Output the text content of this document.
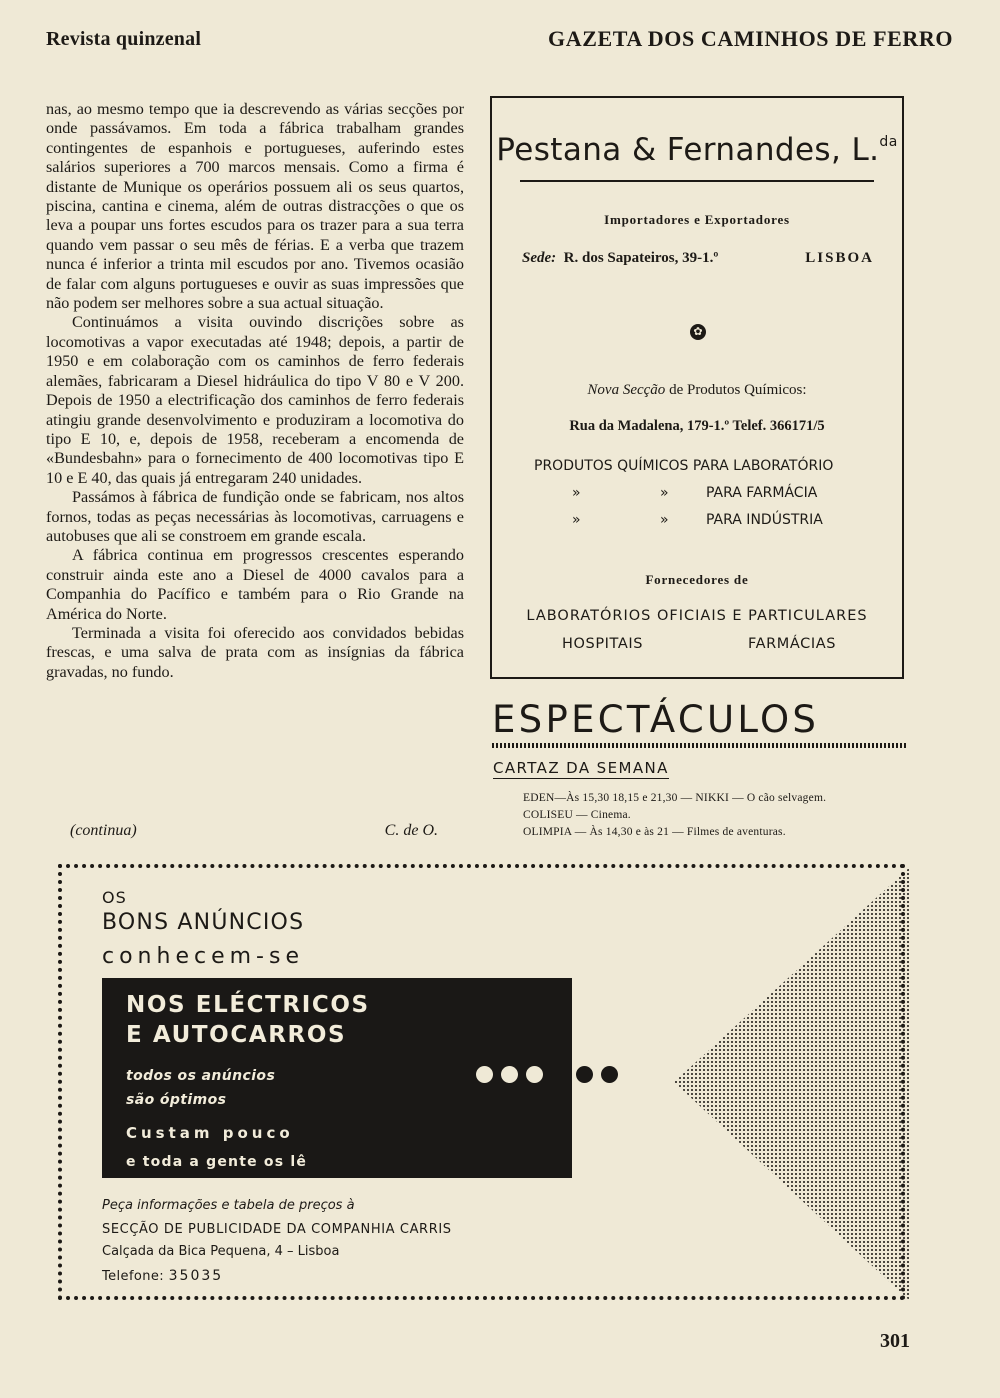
Revista quinzenal	GAZETA DOS CAMINHOS DE FERRO

nas, ao mesmo tempo que ia descrevendo as várias secções por onde passávamos. Em toda a fábrica trabalham grandes contingentes de espanhois e portugueses, auferindo estes salários superiores a 700 marcos mensais. Como a firma é distante de Munique os operários possuem ali os seus quartos, piscina, cantina e cinema, além de outras distracções o que os leva a poupar uns fortes escudos para os trazer para a sua terra quando vem passar o seu mês de férias. E a verba que trazem nunca é inferior a trinta mil escudos por ano. Tivemos ocasião de falar com alguns portugueses e ouvir as suas impressões que não podem ser melhores sobre a sua actual situação.

Continuámos a visita ouvindo discrições sobre as locomotivas a vapor executadas até 1948; depois, a partir de 1950 e em colaboração com os caminhos de ferro federais alemães, fabricaram a Diesel hidráulica do tipo V 80 e V 200. Depois de 1950 a electrificação dos caminhos de ferro federais atingiu grande desenvolvimento e produziram a locomotiva do tipo E 10, e, depois de 1958, receberam a encomenda de «Bundesbahn» para o fornecimento de 400 locomotivas tipo E 10 e E 40, das quais já entregaram 240 unidades.

Passámos à fábrica de fundição onde se fabricam, nos altos fornos, todas as peças necessárias às locomotivas, carruagens e autobuses que ali se constroem em grande escala.

A fábrica continua em progressos crescentes esperando construir ainda este ano a Diesel de 4000 cavalos para a Companhia do Pacífico e também para o Rio Grande na América do Norte.

Terminada a visita foi oferecido aos convidados bebidas frescas, e uma salva de prata com as insígnias da fábrica gravadas, no fundo.

(continua)	C. de O.
Pestana & Fernandes, L.$^{da}$
Importadores e Exportadores
Sede: R. dos Sapateiros, 39-1.º	LISBOA
✿
Nova Secção de Produtos Químicos:
Rua da Madalena, 179-1.º Telef. 366171/5
PRODUTOS QUÍMICOS PARA LABORATÓRIO
»	»	PARA FARMÁCIA
»	»	PARA INDÚSTRIA
Fornecedores de
LABORATÓRIOS OFICIAIS E PARTICULARES
HOSPITAIS	FARMÁCIAS
ESPECTÁCULOS
CARTAZ DA SEMANA
EDEN—Às 15,30 18,15 e 21,30 — NIKKI — O cão selvagem.
COLISEU — Cinema.
OLIMPIA — Às 14,30 e às 21 — Filmes de aventuras.
OS
BONS ANÚNCIOS
conhecem-se
NOS ELÉCTRICOS
E AUTOCARROS
todos os anúncios
são óptimos
Custam pouco
e toda a gente os lê
Peça informações e tabela de preços à
SECÇÃO DE PUBLICIDADE DA COMPANHIA CARRIS
Calçada da Bica Pequena, 4 – Lisboa
Telefone: 35035
301
